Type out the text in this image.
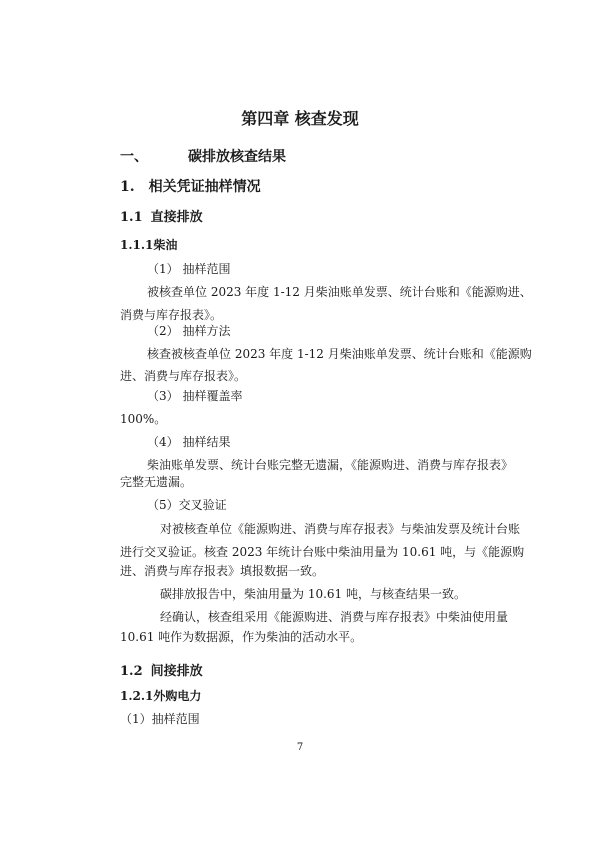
第四章 核查发现
一、	碳排放核查结果
1. 相关凭证抽样情况
1.1 直接排放
1.1.1柴油
（1） 抽样范围
被核查单位 2023 年度 1-12 月柴油账单发票、统计台账和《能源购进、
消费与库存报表》。
（2） 抽样方法
核查被核查单位 2023 年度 1-12 月柴油账单发票、统计台账和《能源购
进、消费与库存报表》。
（3） 抽样覆盖率
100%。
（4） 抽样结果
柴油账单发票、统计台账完整无遗漏，《能源购进、消费与库存报表》
完整无遗漏。
（5）交叉验证
对被核查单位《能源购进、消费与库存报表》与柴油发票及统计台账
进行交叉验证。核查 2023 年统计台账中柴油用量为 10.61 吨，与《能源购
进、消费与库存报表》填报数据一致。
碳排放报告中，柴油用量为 10.61 吨，与核查结果一致。
经确认，核查组采用《能源购进、消费与库存报表》中柴油使用量
10.61 吨作为数据源，作为柴油的活动水平。
1.2 间接排放
1.2.1外购电力
（1）抽样范围
7
